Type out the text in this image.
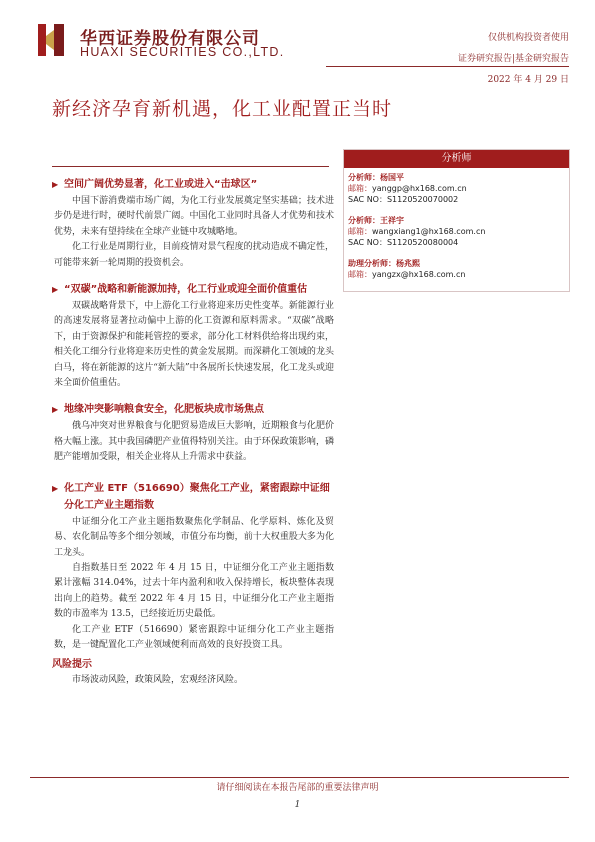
华西证券股份有限公司
HUAXI SECURITIES CO.,LTD.
仅供机构投资者使用
证券研究报告|基金研究报告
2022 年 4 月 29 日
新经济孕育新机遇，化工业配置正当时
▶ 空间广阔优势显著，化工业或进入“击球区”

中国下游消费端市场广阔，为化工行业发展奠定坚实基础；技术进步仍是进行时，硬时代前景广阔。中国化工业同时具备人才优势和技术优势，未来有望持续在全球产业链中攻城略地。

化工行业是周期行业，目前疫情对景气程度的扰动造成不确定性，可能带来新一轮周期的投资机会。

▶ “双碳”战略和新能源加持，化工行业或迎全面价值重估

双碳战略背景下，中上游化工行业将迎来历史性变革。新能源行业的高速发展将显著拉动偏中上游的化工资源和原料需求。“双碳”战略下，由于资源保护和能耗管控的要求，部分化工材料供给将出现约束，相关化工细分行业将迎来历史性的黄金发展期。而深耕化工领域的龙头白马，将在新能源的这片“新大陆”中各展所长快速发展，化工龙头或迎来全面价值重估。

▶ 地缘冲突影响粮食安全，化肥板块成市场焦点

俄乌冲突对世界粮食与化肥贸易造成巨大影响，近期粮食与化肥价格大幅上涨。其中我国磷肥产业值得特别关注。由于环保政策影响，磷肥产能增加受限，相关企业将从上升需求中获益。

▶ 化工产业 ETF（516690）聚焦化工产业，紧密跟踪中证细分化工产业主题指数

中证细分化工产业主题指数聚焦化学制品、化学原料、炼化及贸易、农化制品等多个细分领域，市值分布均衡，前十大权重股大多为化工龙头。

自指数基日至 2022 年 4 月 15 日，中证细分化工产业主题指数累计涨幅 314.04%，过去十年内盈利和收入保持增长，板块整体表现出向上的趋势。截至 2022 年 4 月 15 日，中证细分化工产业主题指数的市盈率为 13.5，已经接近历史最低。

化工产业 ETF（516690）紧密跟踪中证细分化工产业主题指数，是一键配置化工产业领域便利而高效的良好投资工具。

风险提示
市场波动风险，政策风险，宏观经济风险。
分析师
分析师：杨国平
邮箱：yanggp@hx168.com.cn
SAC NO：S1120520070002
分析师：王祥宇
邮箱：wangxiang1@hx168.com.cn
SAC NO：S1120520080004
助理分析师：杨兆熙
邮箱：yangzx@hx168.com.cn
请仔细阅读在本报告尾部的重要法律声明
1
